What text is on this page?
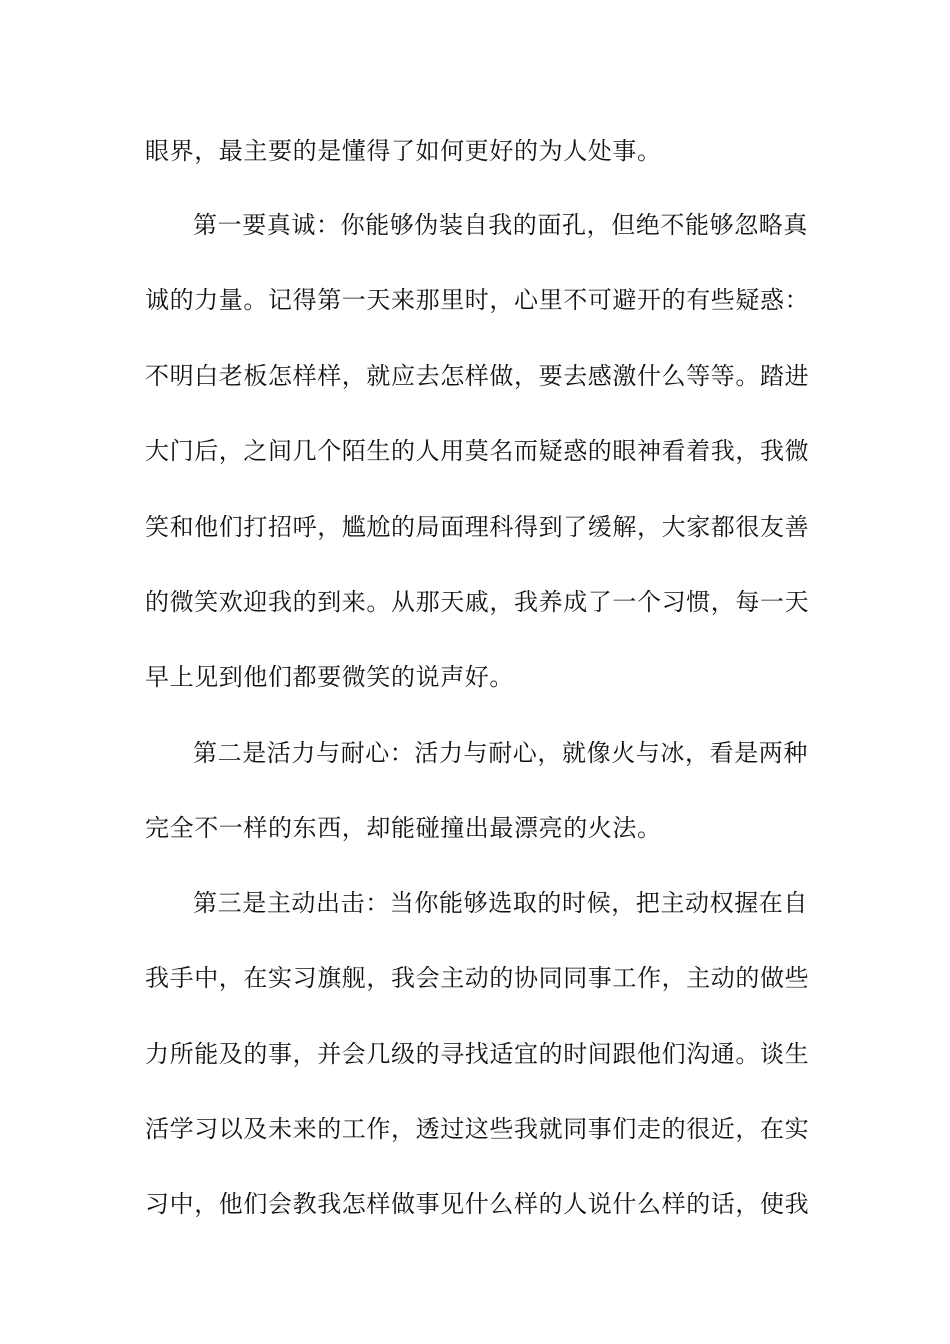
眼界，最主要的是懂得了如何更好的为人处事。
第一要真诚：你能够伪装自我的面孔，但绝不能够忽略真
诚的力量。记得第一天来那里时，心里不可避开的有些疑惑：
不明白老板怎样样，就应去怎样做，要去感激什么等等。踏进
大门后，之间几个陌生的人用莫名而疑惑的眼神看着我，我微
笑和他们打招呼，尴尬的局面理科得到了缓解，大家都很友善
的微笑欢迎我的到来。从那天戚，我养成了一个习惯，每一天
早上见到他们都要微笑的说声好。
第二是活力与耐心：活力与耐心，就像火与冰，看是两种
完全不一样的东西，却能碰撞出最漂亮的火法。
第三是主动出击：当你能够选取的时候，把主动权握在自
我手中，在实习旗舰，我会主动的协同同事工作，主动的做些
力所能及的事，并会几级的寻找适宜的时间跟他们沟通。谈生
活学习以及未来的工作，透过这些我就同事们走的很近，在实
习中，他们会教我怎样做事见什么样的人说什么样的话，使我
